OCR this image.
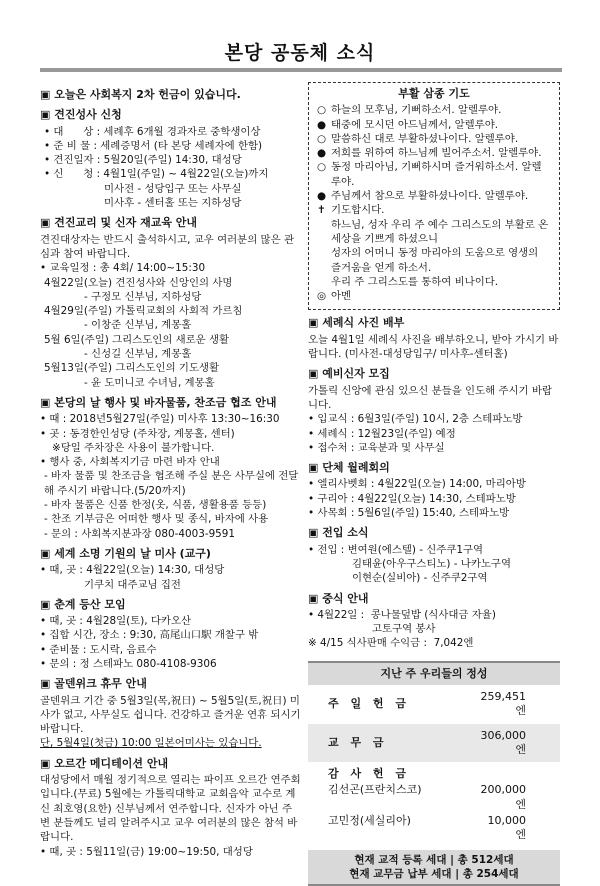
본당 공동체 소식
▣ 오늘은 사회복지 2차 헌금이 있습니다.
▣ 견진성사 신청

• 대      상 : 세례후 6개월 경과자로 중학생이상

• 준 비 물 : 세례증명서 (타 본당 세례자에 한함)

• 견진일자 : 5월20일(주일) 14:30, 대성당

• 신      청 : 4월1일(주일) ~ 4월22일(오늘)까지

미사전 - 성당입구 또는 사무실

미사후 - 센터홀 또는 지하성당

▣ 견진교리 및 신자 재교육 안내

견진대상자는 반드시 출석하시고, 교우 여러분의 많은 관심과 참여 바랍니다.

• 교육일정 : 총 4회/ 14:00~15:30

4월22일(오늘) 견진성사와 신앙인의 사명

- 구정모 신부님, 지하성당

4월29일(주일) 가톨릭교회의 사회적 가르침

- 이창준 신부님, 계몽홀

5월 6일(주일) 그리스도인의 새로운 생활

- 신성길 신부님, 계몽홀

5월13일(주일) 그리스도인의 기도생활

- 윤 도미니코 수녀님, 계몽홀

▣ 본당의 날 행사 및 바자물품, 찬조금 협조 안내

• 때 : 2018년5월27일(주일) 미사후 13:30~16:30

• 곳 : 동경한인성당 (주차장, 계몽홀, 센터)

※당일 주차장은 사용이 불가합니다.

• 행사 중, 사회복지기금 마련 바자 안내

- 바자 물품 및 찬조금을 협조해 주실 분은 사무실에 전달해 주시기 바랍니다.(5/20까지)

- 바자 물품은 신품 한정(옷, 식품, 생활용품 등등)

- 찬조 기부금은 어떠한 행사 및 종식, 바자에 사용

- 문의 : 사회복지분과장 080-4003-9591

▣ 세계 소명 기원의 날 미사 (교구)

• 때, 곳 : 4월22일(오늘) 14:30, 대성당

기쿠치 대주교님 집전

▣ 춘계 등산 모임

• 때, 곳 : 4월28일(토), 다카오산

• 집합 시간, 장소 : 9:30, 高尾山口駅 개찰구 밖

• 준비물 : 도시락, 음료수

• 문의 : 정 스테파노 080-4108-9306

▣ 골덴위크 휴무 안내

골덴위크 기간 중 5월3일(목,祝日) ~ 5월5일(토,祝日) 미사가 없고, 사무실도 쉽니다. 건강하고 즐거운 연휴 되시기 바랍니다.

단, 5월4일(첫금) 10:00 일본어미사는 있습니다.

▣ 오르간 메디테이션 안내

대성당에서 매월 정기적으로 열리는 파이프 오르간 연주회입니다.(무료) 5월에는 가톨릭대학교 교회음악 교수로 계신 최호영(요한) 신부님께서 연주합니다. 신자가 아닌 주변 분들께도 널리 알려주시고 교우 여러분의 많은 참석 바랍니다.

• 때, 곳 : 5월11일(금) 19:00~19:50, 대성당

부활 삼종 기도
○ 하늘의 모후님, 기뻐하소서. 알렐루야.
● 태중에 모시던 아드님께서, 알렐루야.
○ 말씀하신 대로 부활하셨나이다. 알렐루야.
● 저희를 위하여 하느님께 빌어주소서. 알렐루야.
○ 동정 마리아님, 기뻐하시며 즐거워하소서. 알렐루야.
● 주님께서 참으로 부활하셨나이다. 알렐루야.
✝ 기도합시다.
하느님, 성자 우리 주 예수 그리스도의 부활로 온 세상을 기쁘게 하셨으니
성자의 어머니 동정 마리아의 도움으로 영생의 즐거움을 얻게 하소서.
우리 주 그리스도를 통하여 비나이다.
◎ 아멘
▣ 세례식 사진 배부

오늘 4월1일 세례식 사진을 배부하오니, 받아 가시기 바랍니다. (미사전-대성당입구/ 미사후-센터홀)

▣ 예비신자 모집

가톨릭 신앙에 관심 있으신 분들을 인도해 주시기 바랍니다.

• 입교식 : 6월3일(주일) 10시, 2층 스테파노방

• 세례식 : 12월23일(주일) 예정

• 접수처 : 교육분과 및 사무실

▣ 단체 월례회의

• 엘리사벳회 : 4월22일(오늘) 14:00, 마리아방

• 구리아 : 4월22일(오늘) 14:30, 스테파노방

• 사목회 : 5월6일(주일) 15:40, 스테파노방

▣ 전입 소식

• 전입 : 변여원(에스텔) - 신주쿠1구역

김태윤(아우구스티노) - 나카노구역

이현순(실비아) - 신주쿠2구역

▣ 중식 안내

• 4월22일 :  콩나물덮밥 (식사대금 자율)

고토구역 봉사

※ 4/15 식사판매 수익금 :  7,042엔

지난 주 우리들의 정성
주 일 헌 금
259,451엔
교 무 금
306,000엔
감 사 헌 금
김선곤(프란치스코)	200,000엔
고민정(세실리아)	10,000엔
현재 교적 등록 세대 | 총 512세대
현재 교무금 납부 세대 | 총 254세대
